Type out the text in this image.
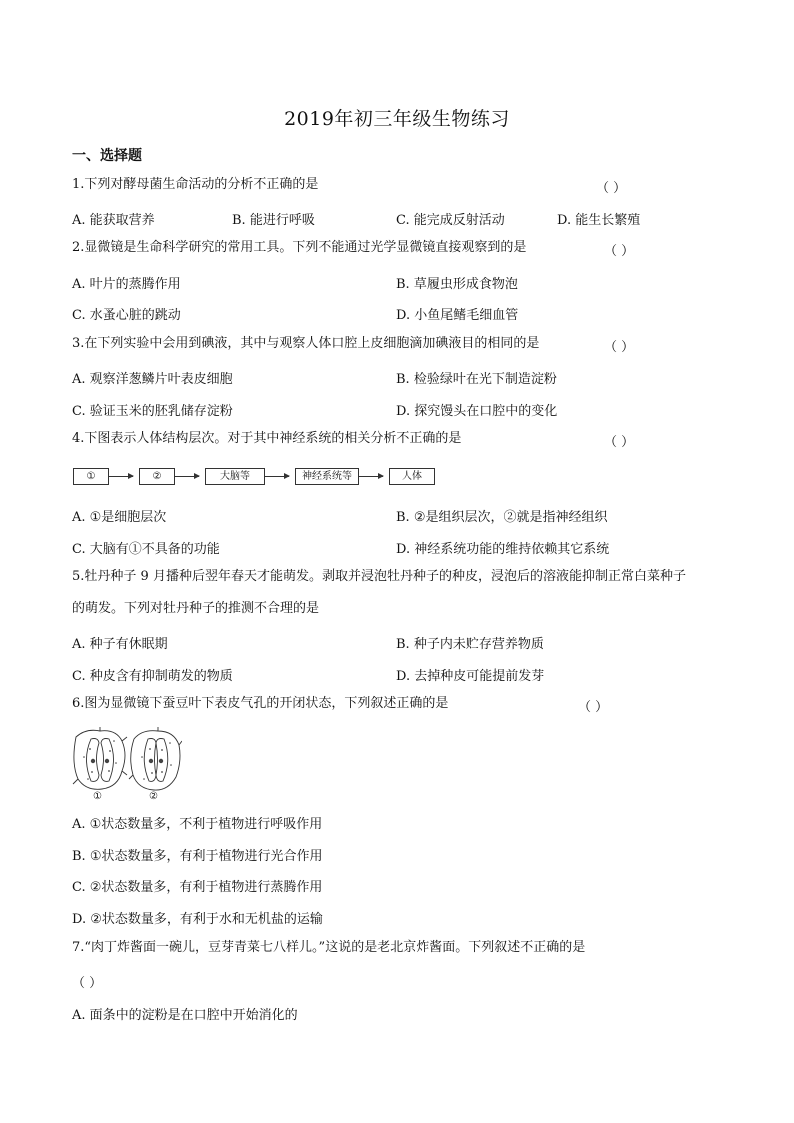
2019年初三年级生物练习
一、选择题
1.下列对酵母菌生命活动的分析不正确的是	（ ）
A. 能获取营养	B. 能进行呼吸	C. 能完成反射活动	D. 能生长繁殖
2.显微镜是生命科学研究的常用工具。下列不能通过光学显微镜直接观察到的是	（ ）
A. 叶片的蒸腾作用	B. 草履虫形成食物泡
C. 水蚤心脏的跳动	D. 小鱼尾鳍毛细血管
3.在下列实验中会用到碘液，其中与观察人体口腔上皮细胞滴加碘液目的相同的是	（ ）
A. 观察洋葱鳞片叶表皮细胞	B. 检验绿叶在光下制造淀粉
C. 验证玉米的胚乳储存淀粉	D. 探究馒头在口腔中的变化
4.下图表示人体结构层次。对于其中神经系统的相关分析不正确的是	（ ）
①	②	大脑等	神经系统等	人体
A. ①是细胞层次	B. ②是组织层次，②就是指神经组织
C. 大脑有①不具备的功能	D. 神经系统功能的维持依赖其它系统
5.牡丹种子 9 月播种后翌年春天才能萌发。剥取并浸泡牡丹种子的种皮，浸泡后的溶液能抑制正常白菜种子
的萌发。下列对牡丹种子的推测不合理的是
A. 种子有休眠期	B. 种子内未贮存营养物质
C. 种皮含有抑制萌发的物质	D. 去掉种皮可能提前发芽
6.图为显微镜下蚕豆叶下表皮气孔的开闭状态，下列叙述正确的是	（ ）
①	②
A. ①状态数量多，不利于植物进行呼吸作用
B. ①状态数量多，有利于植物进行光合作用
C. ②状态数量多，有利于植物进行蒸腾作用
D. ②状态数量多，有利于水和无机盐的运输
7.“肉丁炸酱面一碗儿，豆芽青菜七八样儿。”这说的是老北京炸酱面。下列叙述不正确的是
（ ）
A. 面条中的淀粉是在口腔中开始消化的
